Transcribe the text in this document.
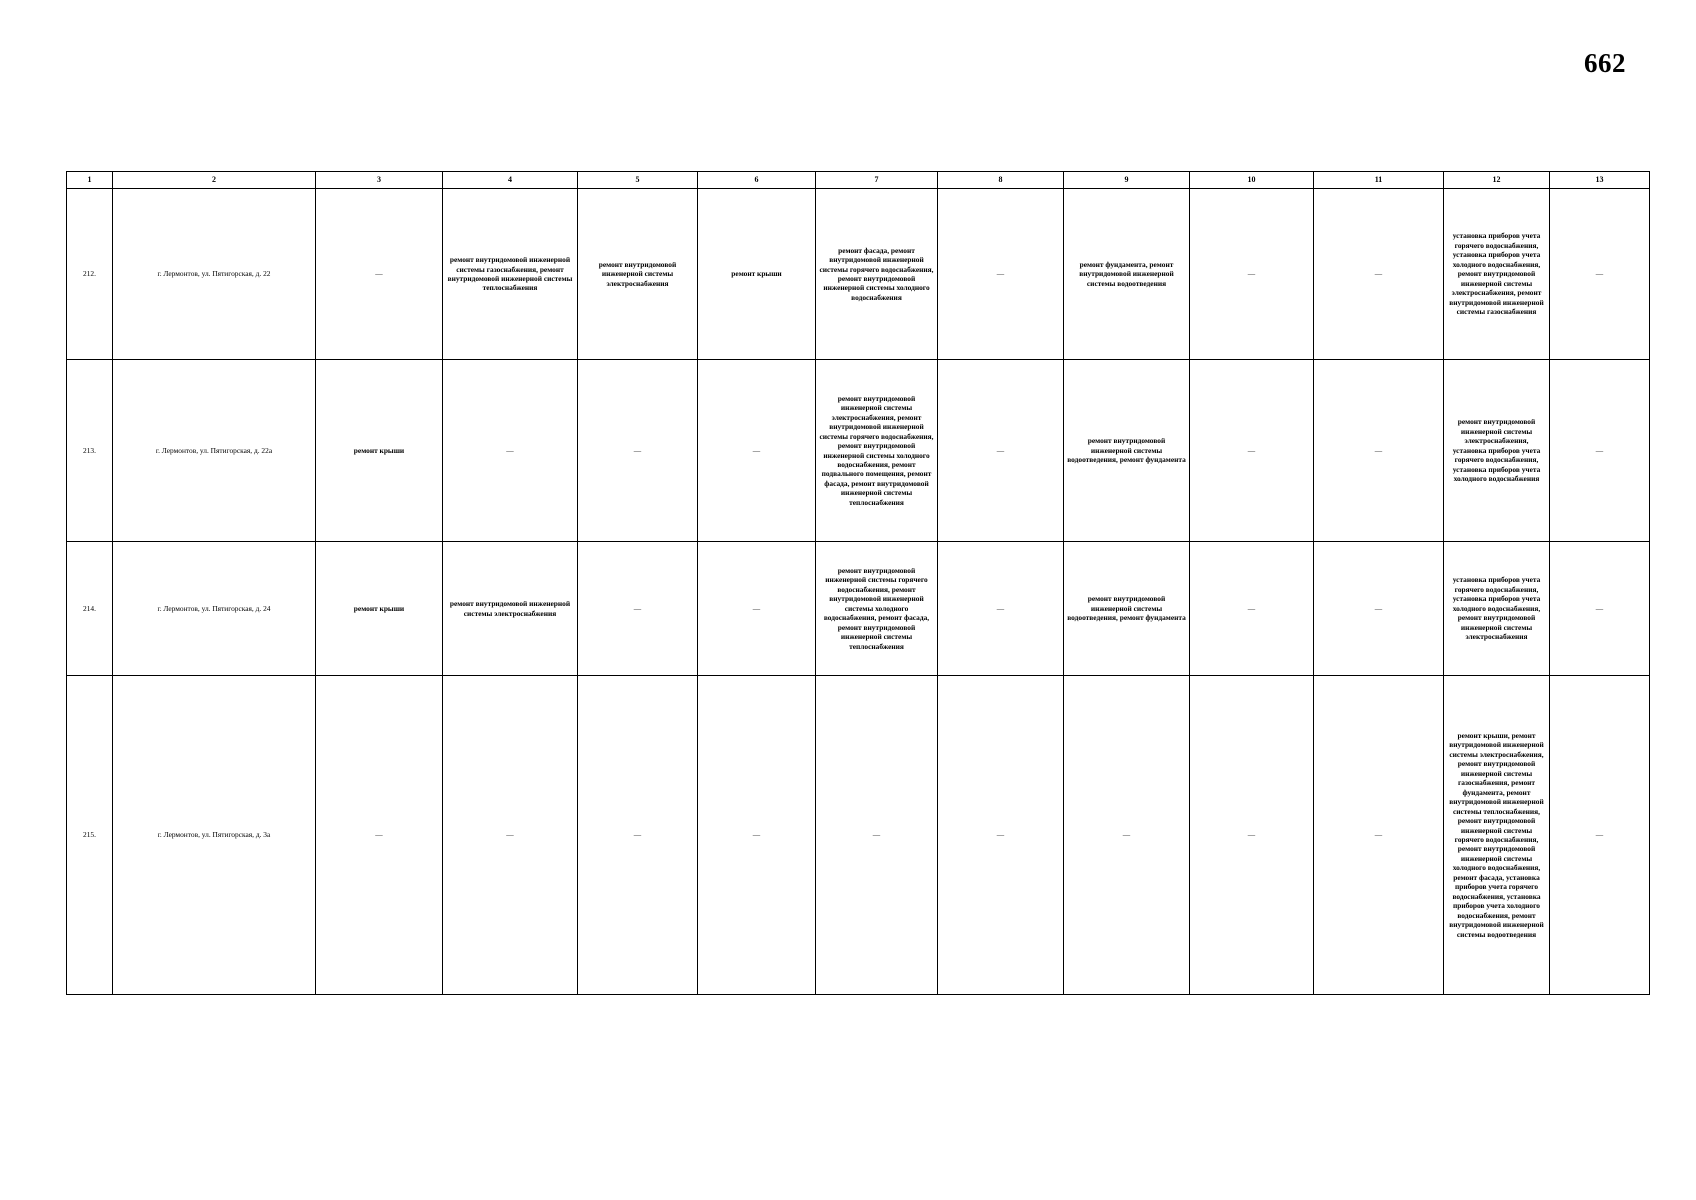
662
1	2	3	4	5	6	7	8	9	10	11	12	13
212.	г. Лермонтов, ул. Пятигорская, д. 22	—	ремонт внутридомовой инженерной системы газоснабжения, ремонт внутридомовой инженерной системы теплоснабжения	ремонт внутридомовой инженерной системы электроснабжения	ремонт крыши	ремонт фасада, ремонт внутридомовой инженерной системы горячего водоснабжения, ремонт внутридомовой инженерной системы холодного водоснабжения	—	ремонт фундамента, ремонт внутридомовой инженерной системы водоотведения	—	—	установка приборов учета горячего водоснабжения, установка приборов учета холодного водоснабжения, ремонт внутридомовой инженерной системы электроснабжения, ремонт внутридомовой инженерной системы газоснабжения	—
213.	г. Лермонтов, ул. Пятигорская, д. 22а	ремонт крыши	—	—	—	ремонт внутридомовой инженерной системы электроснабжения, ремонт внутридомовой инженерной системы горячего водоснабжения, ремонт внутридомовой инженерной системы холодного водоснабжения, ремонт подвального помещения, ремонт фасада, ремонт внутридомовой инженерной системы теплоснабжения	—	ремонт внутридомовой инженерной системы водоотведения, ремонт фундамента	—	—	ремонт внутридомовой инженерной системы электроснабжения, установка приборов учета горячего водоснабжения, установка приборов учета холодного водоснабжения	—
214.	г. Лермонтов, ул. Пятигорская, д. 24	ремонт крыши	ремонт внутридомовой инженерной системы электроснабжения	—	—	ремонт внутридомовой инженерной системы горячего водоснабжения, ремонт внутридомовой инженерной системы холодного водоснабжения, ремонт фасада, ремонт внутридомовой инженерной системы теплоснабжения	—	ремонт внутридомовой инженерной системы водоотведения, ремонт фундамента	—	—	установка приборов учета горячего водоснабжения, установка приборов учета холодного водоснабжения, ремонт внутридомовой инженерной системы электроснабжения	—
215.	г. Лермонтов, ул. Пятигорская, д. 3а	—	—	—	—	—	—	—	—	—	ремонт крыши, ремонт внутридомовой инженерной системы электроснабжения, ремонт внутридомовой инженерной системы газоснабжения, ремонт фундамента, ремонт внутридомовой инженерной системы теплоснабжения, ремонт внутридомовой инженерной системы горячего водоснабжения, ремонт внутридомовой инженерной системы холодного водоснабжения, ремонт фасада, установка приборов учета горячего водоснабжения, установка приборов учета холодного водоснабжения, ремонт внутридомовой инженерной системы водоотведения	—
